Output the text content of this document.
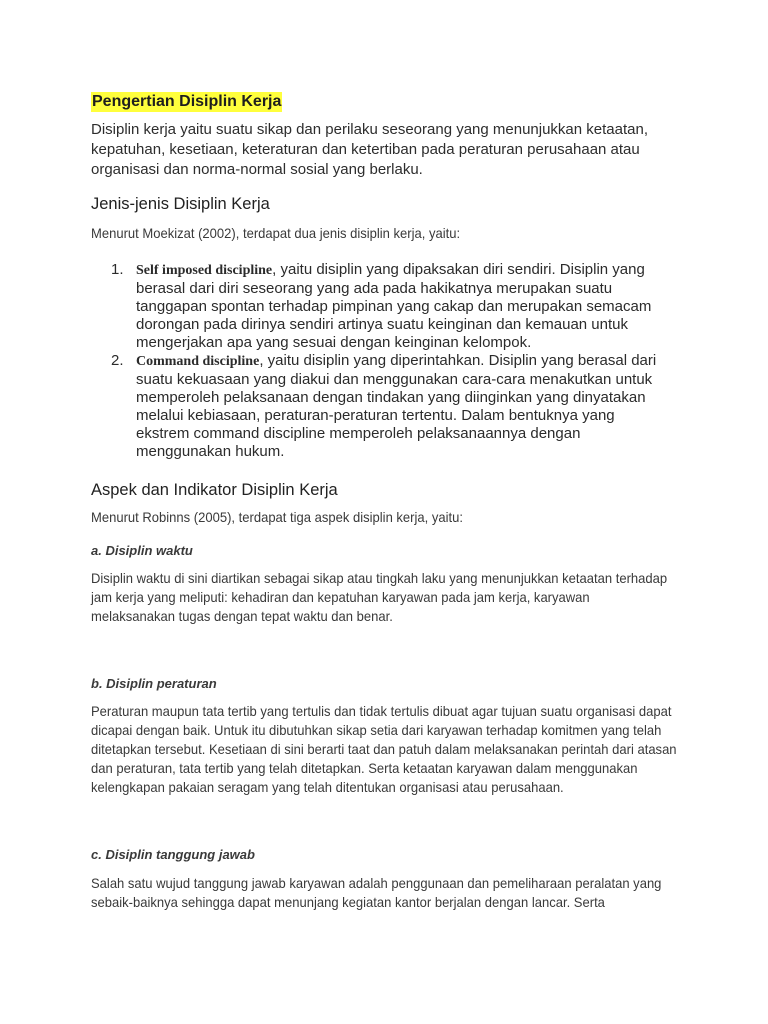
Pengertian Disiplin Kerja

Disiplin kerja yaitu suatu sikap dan perilaku seseorang yang menunjukkan ketaatan, kepatuhan, kesetiaan, keteraturan dan ketertiban pada peraturan perusahaan atau organisasi dan norma-normal sosial yang berlaku.

Jenis-jenis Disiplin Kerja

Menurut Moekizat (2002), terdapat dua jenis disiplin kerja, yaitu:

1. Self imposed discipline, yaitu disiplin yang dipaksakan diri sendiri. Disiplin yang berasal dari diri seseorang yang ada pada hakikatnya merupakan suatu tanggapan spontan terhadap pimpinan yang cakap dan merupakan semacam dorongan pada dirinya sendiri artinya suatu keinginan dan kemauan untuk mengerjakan apa yang sesuai dengan keinginan kelompok.
2. Command discipline, yaitu disiplin yang diperintahkan. Disiplin yang berasal dari suatu kekuasaan yang diakui dan menggunakan cara-cara menakutkan untuk memperoleh pelaksanaan dengan tindakan yang diinginkan yang dinyatakan melalui kebiasaan, peraturan-peraturan tertentu. Dalam bentuknya yang ekstrem command discipline memperoleh pelaksanaannya dengan menggunakan hukum.
Aspek dan Indikator Disiplin Kerja

Menurut Robinns (2005), terdapat tiga aspek disiplin kerja, yaitu:

a. Disiplin waktu

Disiplin waktu di sini diartikan sebagai sikap atau tingkah laku yang menunjukkan ketaatan terhadap jam kerja yang meliputi: kehadiran dan kepatuhan karyawan pada jam kerja, karyawan melaksanakan tugas dengan tepat waktu dan benar.

b. Disiplin peraturan

Peraturan maupun tata tertib yang tertulis dan tidak tertulis dibuat agar tujuan suatu organisasi dapat dicapai dengan baik. Untuk itu dibutuhkan sikap setia dari karyawan terhadap komitmen yang telah ditetapkan tersebut. Kesetiaan di sini berarti taat dan patuh dalam melaksanakan perintah dari atasan dan peraturan, tata tertib yang telah ditetapkan. Serta ketaatan karyawan dalam menggunakan kelengkapan pakaian seragam yang telah ditentukan organisasi atau perusahaan.

c. Disiplin tanggung jawab

Salah satu wujud tanggung jawab karyawan adalah penggunaan dan pemeliharaan peralatan yang sebaik-baiknya sehingga dapat menunjang kegiatan kantor berjalan dengan lancar. Serta
